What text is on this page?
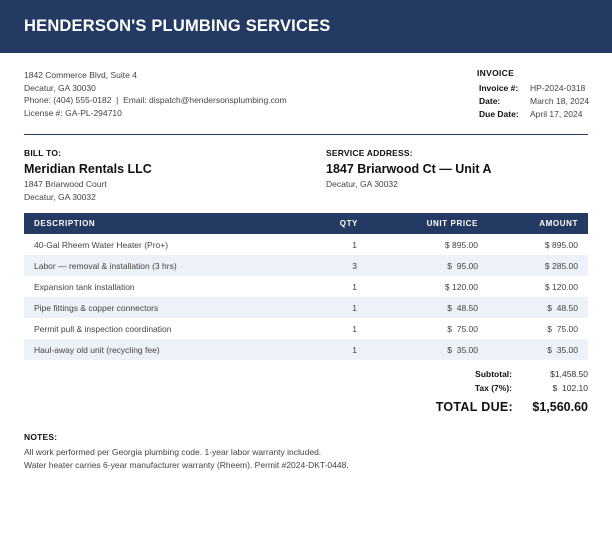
HENDERSON'S PLUMBING SERVICES
1842 Commerce Blvd, Suite 4
Decatur, GA 30030
Phone: (404) 555-0182  |  Email: dispatch@hendersonsplumbing.com
License #: GA-PL-294710
INVOICE
Invoice #: HP-2024-0318
Date:	March 18, 2024
Due Date: April 17, 2024
BILL TO:
Meridian Rentals LLC
1847 Briarwood Court
Decatur, GA 30032
SERVICE ADDRESS:
1847 Briarwood Ct — Unit A
Decatur, GA 30032
DESCRIPTION	QTY	UNIT PRICE	AMOUNT
40-Gal Rheem Water Heater (Pro+)	1	$ 895.00	$ 895.00
Labor — removal & installation (3 hrs)	3	$  95.00	$ 285.00
Expansion tank installation	1	$ 120.00	$ 120.00
Pipe fittings & copper connectors	1	$  48.50	$  48.50
Permit pull & inspection coordination	1	$  75.00	$  75.00
Haul-away old unit (recycling fee)	1	$  35.00	$  35.00
Subtotal:	$1,458.50
Tax (7%):	$  102.10
TOTAL DUE: $1,560.60
NOTES:
All work performed per Georgia plumbing code. 1-year labor warranty included.
Water heater carries 6-year manufacturer warranty (Rheem). Permit #2024-DKT-0448.
